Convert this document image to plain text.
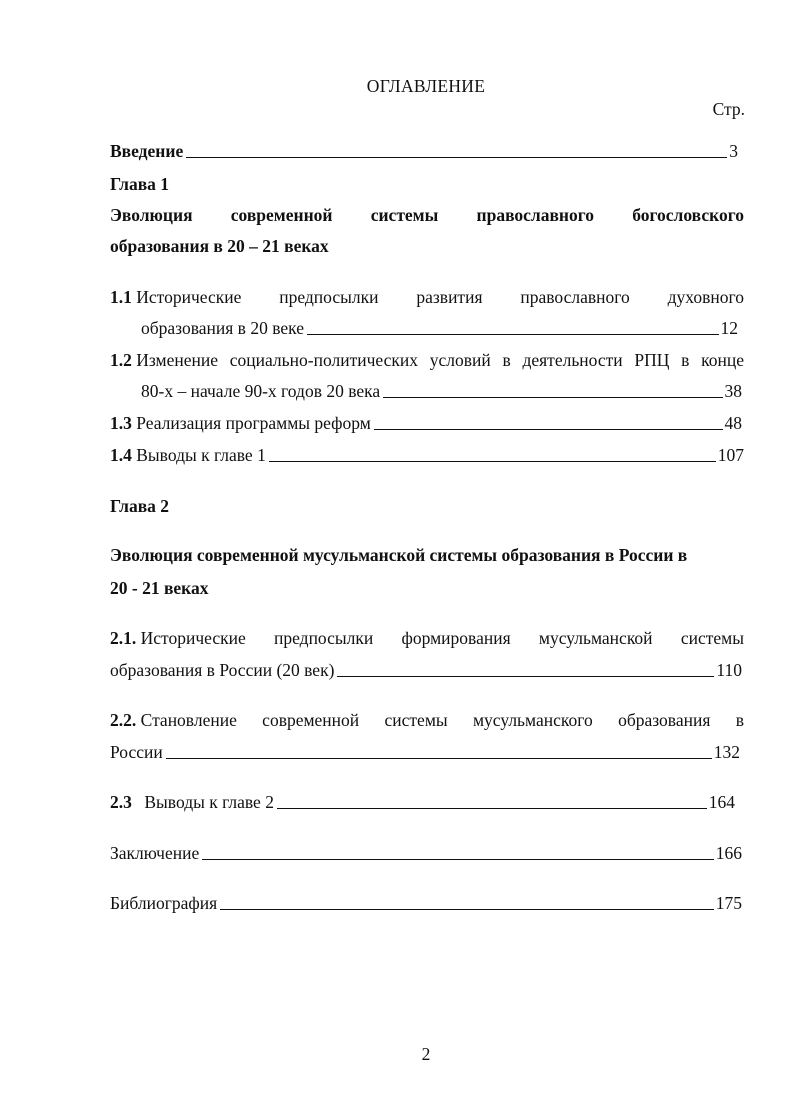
ОГЛАВЛЕНИЕ
Стр.
Введение	3
Глава 1
Эволюция современной системы православного богословского
образования в 20 – 21 веках
1.1 Исторические предпосылки развития православного духовного
образования в 20 веке	12
1.2 Изменение социально-политических условий в деятельности РПЦ в конце
80-х – начале 90-х годов 20 века	38
1.3 Реализация программы реформ	48
1.4 Выводы к главе 1	107
Глава 2
Эволюция современной мусульманской системы образования в России в
20 - 21 веках
2.1. Исторические предпосылки формирования мусульманской системы
образования в России (20 век)	110
2.2. Становление современной системы мусульманского образования в
России	132
2.3 Выводы к главе 2	164
Заключение	166
Библиография	175
2
